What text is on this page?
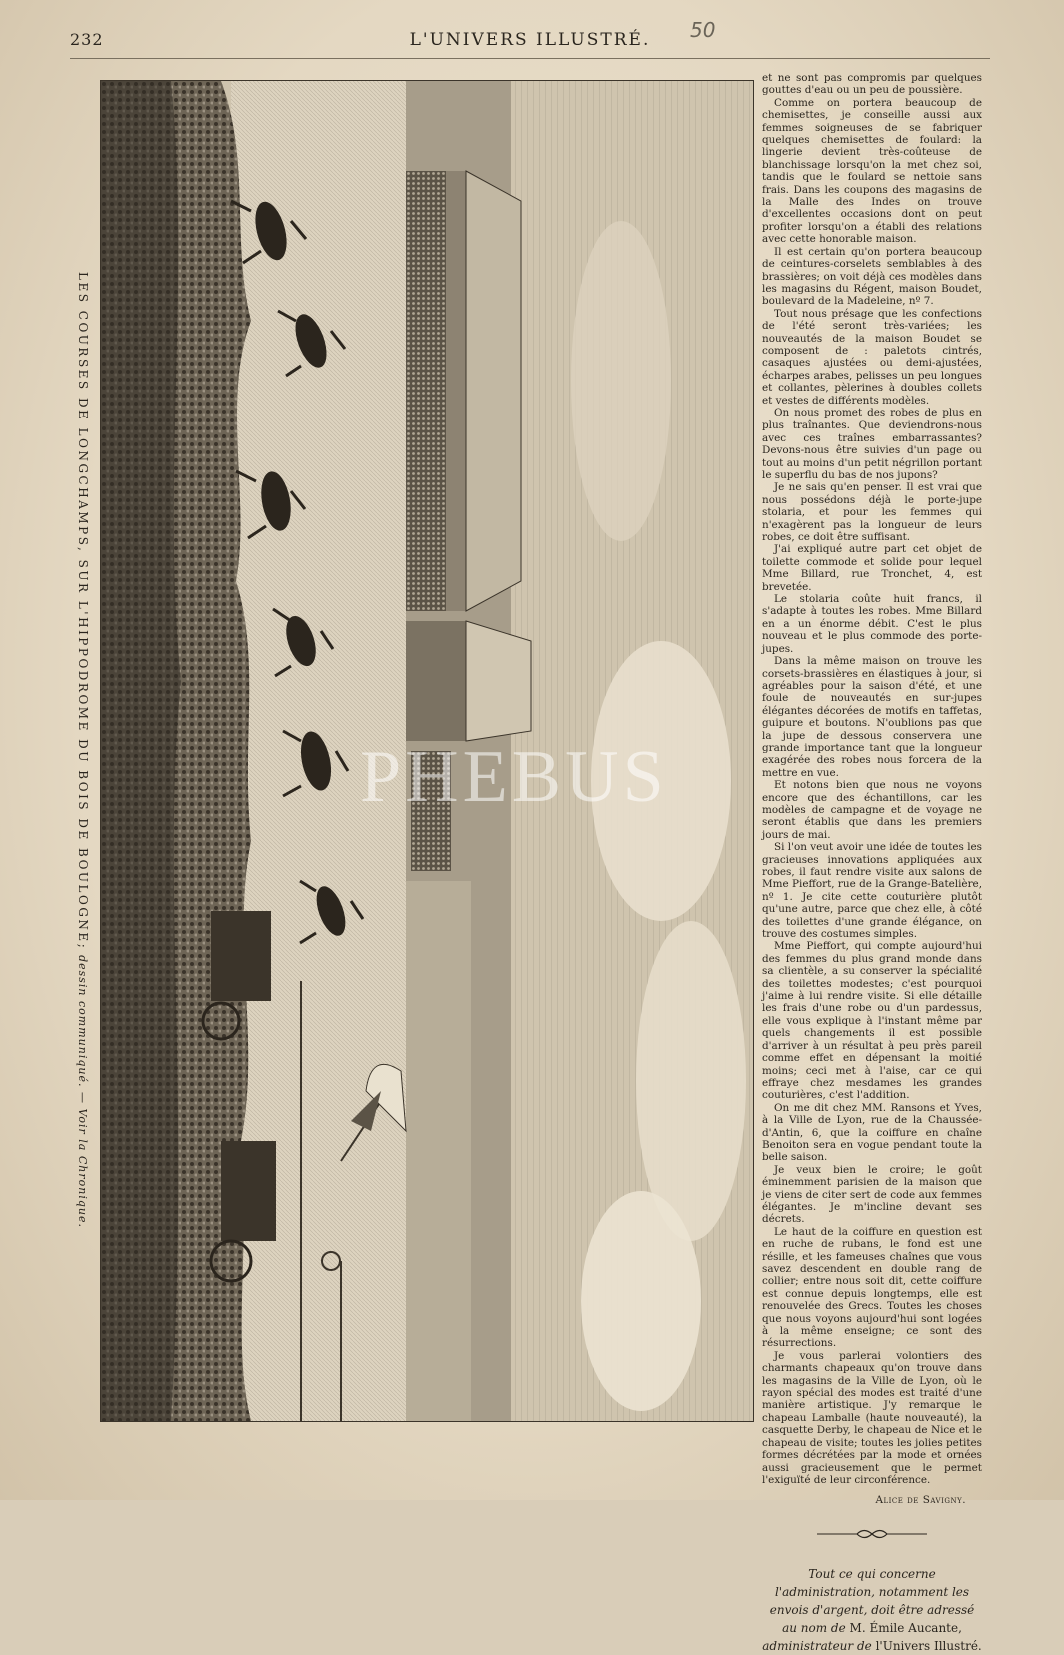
232	L'UNIVERS ILLUSTRÉ.	50
LES COURSES DE LONGCHAMPS, SUR L'HIPPODROME DU BOIS DE BOULOGNE; dessin communiqué. — Voir la Chronique.
PHEBUS

et ne sont pas compromis par quelques gouttes d'eau ou un peu de poussière.

Comme on portera beaucoup de chemisettes, je conseille aussi aux femmes soigneuses de se fabriquer quelques chemisettes de foulard: la lingerie devient très-coûteuse de blanchissage lorsqu'on la met chez soi, tandis que le foulard se nettoie sans frais. Dans les coupons des magasins de la Malle des Indes on trouve d'excellentes occasions dont on peut profiter lorsqu'on a établi des relations avec cette honorable maison.

Il est certain qu'on portera beaucoup de ceintures-corselets semblables à des brassières; on voit déjà ces modèles dans les magasins du Régent, maison Boudet, boulevard de la Madeleine, nº 7.

Tout nous présage que les confections de l'été seront très-variées; les nouveautés de la maison Boudet se composent de : paletots cintrés, casaques ajustées ou demi-ajustées, écharpes arabes, pelisses un peu longues et collantes, pèlerines à doubles collets et vestes de différents modèles.

On nous promet des robes de plus en plus traînantes. Que deviendrons-nous avec ces traînes embarrassantes? Devons-nous être suivies d'un page ou tout au moins d'un petit négrillon portant le superflu du bas de nos jupons?

Je ne sais qu'en penser. Il est vrai que nous possédons déjà le porte-jupe stolaria, et pour les femmes qui n'exagèrent pas la longueur de leurs robes, ce doit être suffisant.

J'ai expliqué autre part cet objet de toilette commode et solide pour lequel Mme Billard, rue Tronchet, 4, est brevetée.

Le stolaria coûte huit francs, il s'adapte à toutes les robes. Mme Billard en a un énorme débit. C'est le plus nouveau et le plus commode des porte-jupes.

Dans la même maison on trouve les corsets-brassières en élastiques à jour, si agréables pour la saison d'été, et une foule de nouveautés en sur-jupes élégantes décorées de motifs en taffetas, guipure et boutons. N'oublions pas que la jupe de dessous conservera une grande importance tant que la longueur exagérée des robes nous forcera de la mettre en vue.

Et notons bien que nous ne voyons encore que des échantillons, car les modèles de campagne et de voyage ne seront établis que dans les premiers jours de mai.

Si l'on veut avoir une idée de toutes les gracieuses innovations appliquées aux robes, il faut rendre visite aux salons de Mme Pieffort, rue de la Grange-Batelière, nº 1. Je cite cette couturière plutôt qu'une autre, parce que chez elle, à côté des toilettes d'une grande élégance, on trouve des costumes simples.

Mme Pieffort, qui compte aujourd'hui des femmes du plus grand monde dans sa clientèle, a su conserver la spécialité des toilettes modestes; c'est pourquoi j'aime à lui rendre visite. Si elle détaille les frais d'une robe ou d'un pardessus, elle vous explique à l'instant même par quels changements il est possible d'arriver à un résultat à peu près pareil comme effet en dépensant la moitié moins; ceci met à l'aise, car ce qui effraye chez mesdames les grandes couturières, c'est l'addition.

On me dit chez MM. Ransons et Yves, à la Ville de Lyon, rue de la Chaussée-d'Antin, 6, que la coiffure en chaîne Benoiton sera en vogue pendant toute la belle saison.

Je veux bien le croire; le goût éminemment parisien de la maison que je viens de citer sert de code aux femmes élégantes. Je m'incline devant ses décrets.

Le haut de la coiffure en question est en ruche de rubans, le fond est une résille, et les fameuses chaînes que vous savez descendent en double rang de collier; entre nous soit dit, cette coiffure est connue depuis longtemps, elle est renouvelée des Grecs. Toutes les choses que nous voyons aujourd'hui sont logées à la même enseigne; ce sont des résurrections.

Je vous parlerai volontiers des charmants chapeaux qu'on trouve dans les magasins de la Ville de Lyon, où le rayon spécial des modes est traité d'une manière artistique. J'y remarque le chapeau Lamballe (haute nouveauté), la casquette Derby, le chapeau de Nice et le chapeau de visite; toutes les jolies petites formes décrétées par la mode et ornées aussi gracieusement que le permet l'exiguïté de leur circonférence.

Alice de Savigny.

Tout ce qui concerne l'administration, notamment les envois d'argent, doit être adressé au nom de M. Émile Aucante, administrateur de l'Univers Illustré.
